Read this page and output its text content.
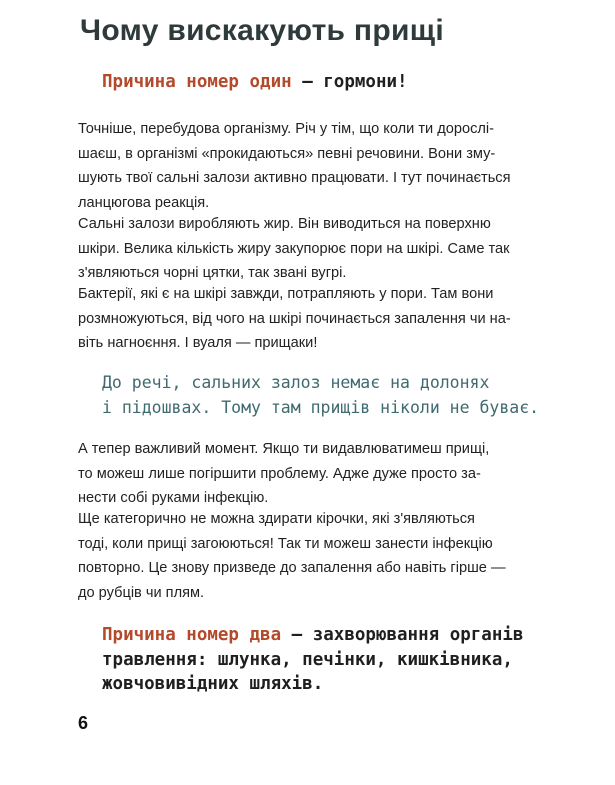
Чому вискакують прищі
Причина номер один — гормони!
Точніше, перебудова організму. Річ у тім, що коли ти дорослі-
шаєш, в організмі «прокидаються» певні речовини. Вони зму-
шують твої сальні залози активно працювати. І тут починається
ланцюгова реакція.
Сальні залози виробляють жир. Він виводиться на поверхню
шкіри. Велика кількість жиру закупорює пори на шкірі. Саме так
з'являються чорні цятки, так звані вугрі.
Бактерії, які є на шкірі завжди, потрапляють у пори. Там вони
розмножуються, від чого на шкірі починається запалення чи на-
віть нагноєння. І вуаля — прищаки!
До речі, сальних залоз немає на долонях
і підошвах. Тому там прищів ніколи не буває.
А тепер важливий момент. Якщо ти видавлюватимеш прищі,
то можеш лише погіршити проблему. Адже дуже просто за-
нести собі руками інфекцію.
Ще категорично не можна здирати кірочки, які з'являються
тоді, коли прищі загоюються! Так ти можеш занести інфекцію
повторно. Це знову призведе до запалення або навіть гірше —
до рубців чи плям.
Причина номер два — захворювання органів
травлення: шлунка, печінки, кишківника,
жовчовивідних шляхів.
6
